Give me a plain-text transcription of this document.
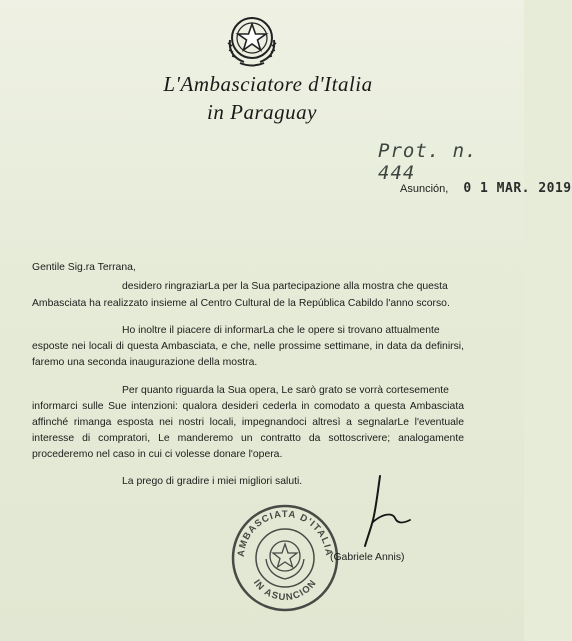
L'Ambasciatore d'Italia
in Paraguay
Prot. n. 444
Asunción, 0 1 MAR. 2019
Gentile Sig.ra Terrana,
desidero ringraziarLa per la Sua partecipazione alla mostra che questa
Ambasciata ha realizzato insieme al Centro Cultural de la República Cabildo l'anno scorso.
Ho inoltre il piacere di informarLa che le opere si trovano attualmente
esposte nei locali di questa Ambasciata, e che, nelle prossime settimane, in data da definirsi, faremo una seconda inaugurazione della mostra.
Per quanto riguarda la Sua opera, Le sarò grato se vorrà cortesemente
informarci sulle Sue intenzioni: qualora desideri cederla in comodato a questa Ambasciata affinché rimanga esposta nei nostri locali, impegnandoci altresì a segnalarLe l'eventuale interesse di compratori, Le manderemo un contratto da sottoscrivere; analogamente procederemo nel caso in cui ci volesse donare l'opera.
La prego di gradire i miei migliori saluti.
AMBASCIATA D'ITALIA
IN ASUNCION
(Gabriele Annis)
